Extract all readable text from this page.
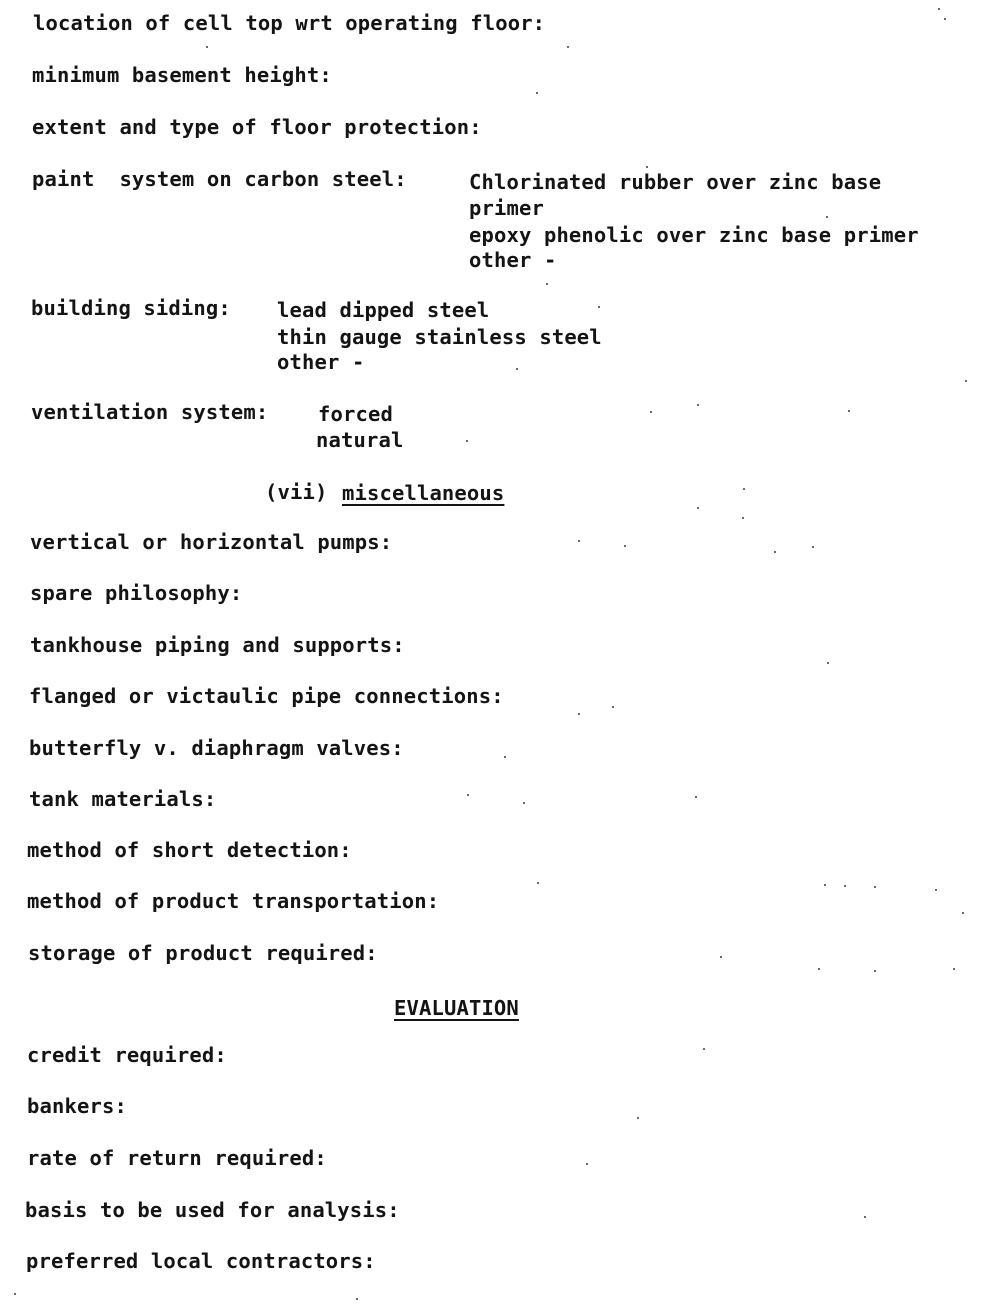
location of cell top wrt operating floor:
minimum basement height:
extent and type of floor protection:
paint  system on carbon steel:	Chlorinated rubber over zinc base
primer
epoxy phenolic over zinc base primer
other -
building siding: lead dipped steel
thin gauge stainless steel
other -
ventilation system: forced
natural
(vii) miscellaneous
vertical or horizontal pumps:
spare philosophy:
tankhouse piping and supports:
flanged or victaulic pipe connections:
butterfly v. diaphragm valves:
tank materials:
method of short detection:
method of product transportation:
storage of product required:
EVALUATION
credit required:
bankers:
rate of return required:
basis to be used for analysis:
preferred local contractors:
